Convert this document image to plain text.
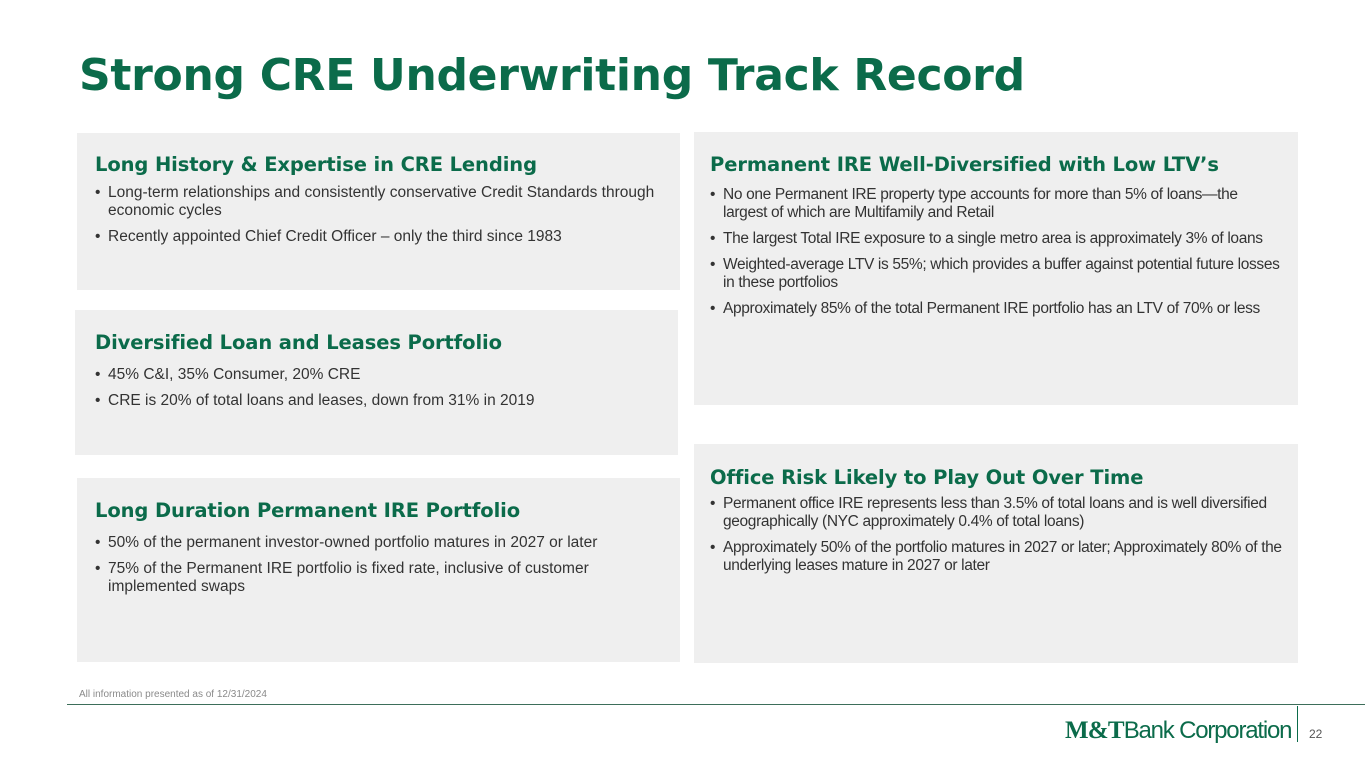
Strong CRE Underwriting Track Record
Long History & Expertise in CRE Lending
• Long-term relationships and consistently conservative Credit Standards through economic cycles
• Recently appointed Chief Credit Officer – only the third since 1983
Diversified Loan and Leases Portfolio
• 45% C&I, 35% Consumer, 20% CRE
• CRE is 20% of total loans and leases, down from 31% in 2019
Long Duration Permanent IRE Portfolio
• 50% of the permanent investor-owned portfolio matures in 2027 or later
• 75% of the Permanent IRE portfolio is fixed rate, inclusive of customer implemented swaps
Permanent IRE Well-Diversified with Low LTV’s
• No one Permanent IRE property type accounts for more than 5% of loans—the largest of which are Multifamily and Retail
• The largest Total IRE exposure to a single metro area is approximately 3% of loans
• Weighted-average LTV is 55%; which provides a buffer against potential future losses in these portfolios
• Approximately 85% of the total Permanent IRE portfolio has an LTV of 70% or less
Office Risk Likely to Play Out Over Time
• Permanent office IRE represents less than 3.5% of total loans and is well diversified geographically (NYC approximately 0.4% of total loans)
• Approximately 50% of the portfolio matures in 2027 or later; Approximately 80% of the underlying leases mature in 2027 or later
All information presented as of 12/31/2024
M&TBank Corporation 22
